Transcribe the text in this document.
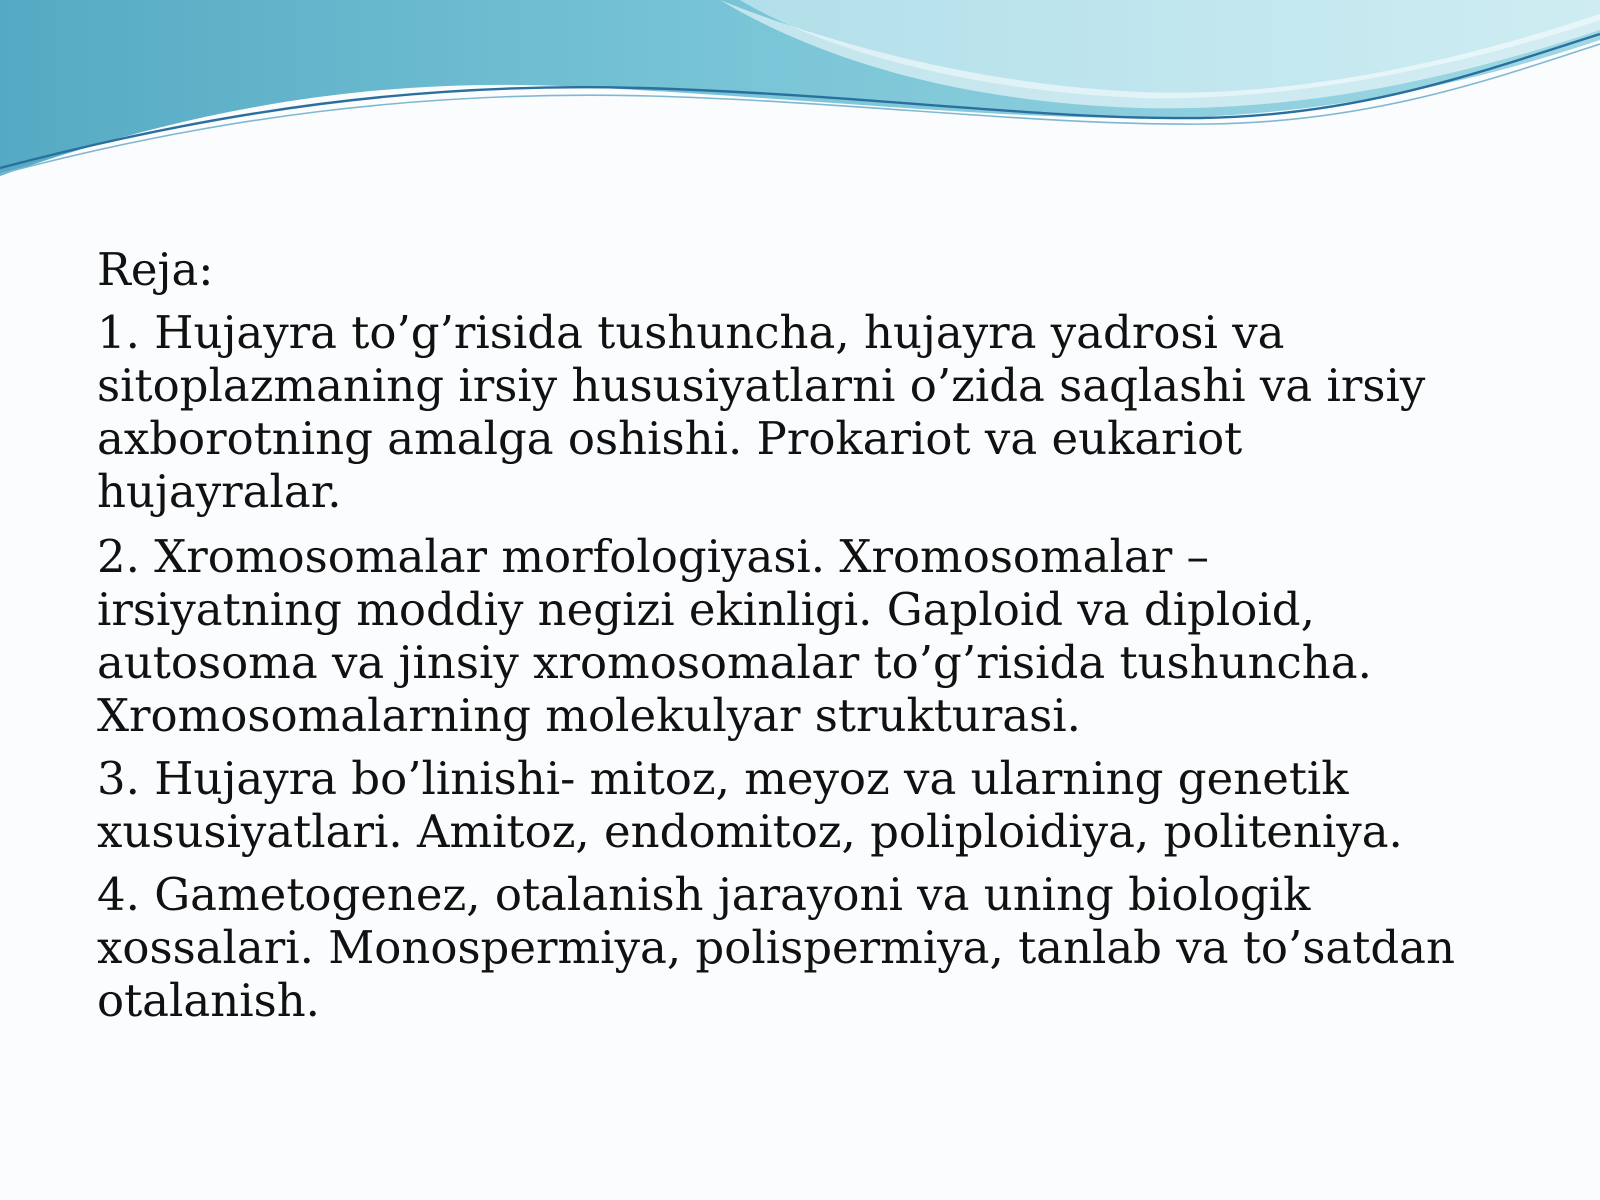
Reja:
1. Hujayra to’g’risida tushuncha, hujayra yadrosi va
sitoplazmaning irsiy hususiyatlarni o’zida saqlashi va irsiy
axborotning amalga oshishi. Prokariot va eukariot
hujayralar.
2. Xromosomalar morfologiyasi. Xromosomalar –
irsiyatning moddiy negizi ekinligi. Gaploid va diploid,
autosoma va jinsiy xromosomalar to’g’risida tushuncha.
Xromosomalarning molekulyar strukturasi.
3. Hujayra bo’linishi- mitoz, meyoz va ularning genetik
xususiyatlari. Amitoz, endomitoz, poliploidiya, politeniya.
4. Gametogenez, otalanish jarayoni va uning biologik
xossalari. Monospermiya, polispermiya, tanlab va to’satdan
otalanish.
